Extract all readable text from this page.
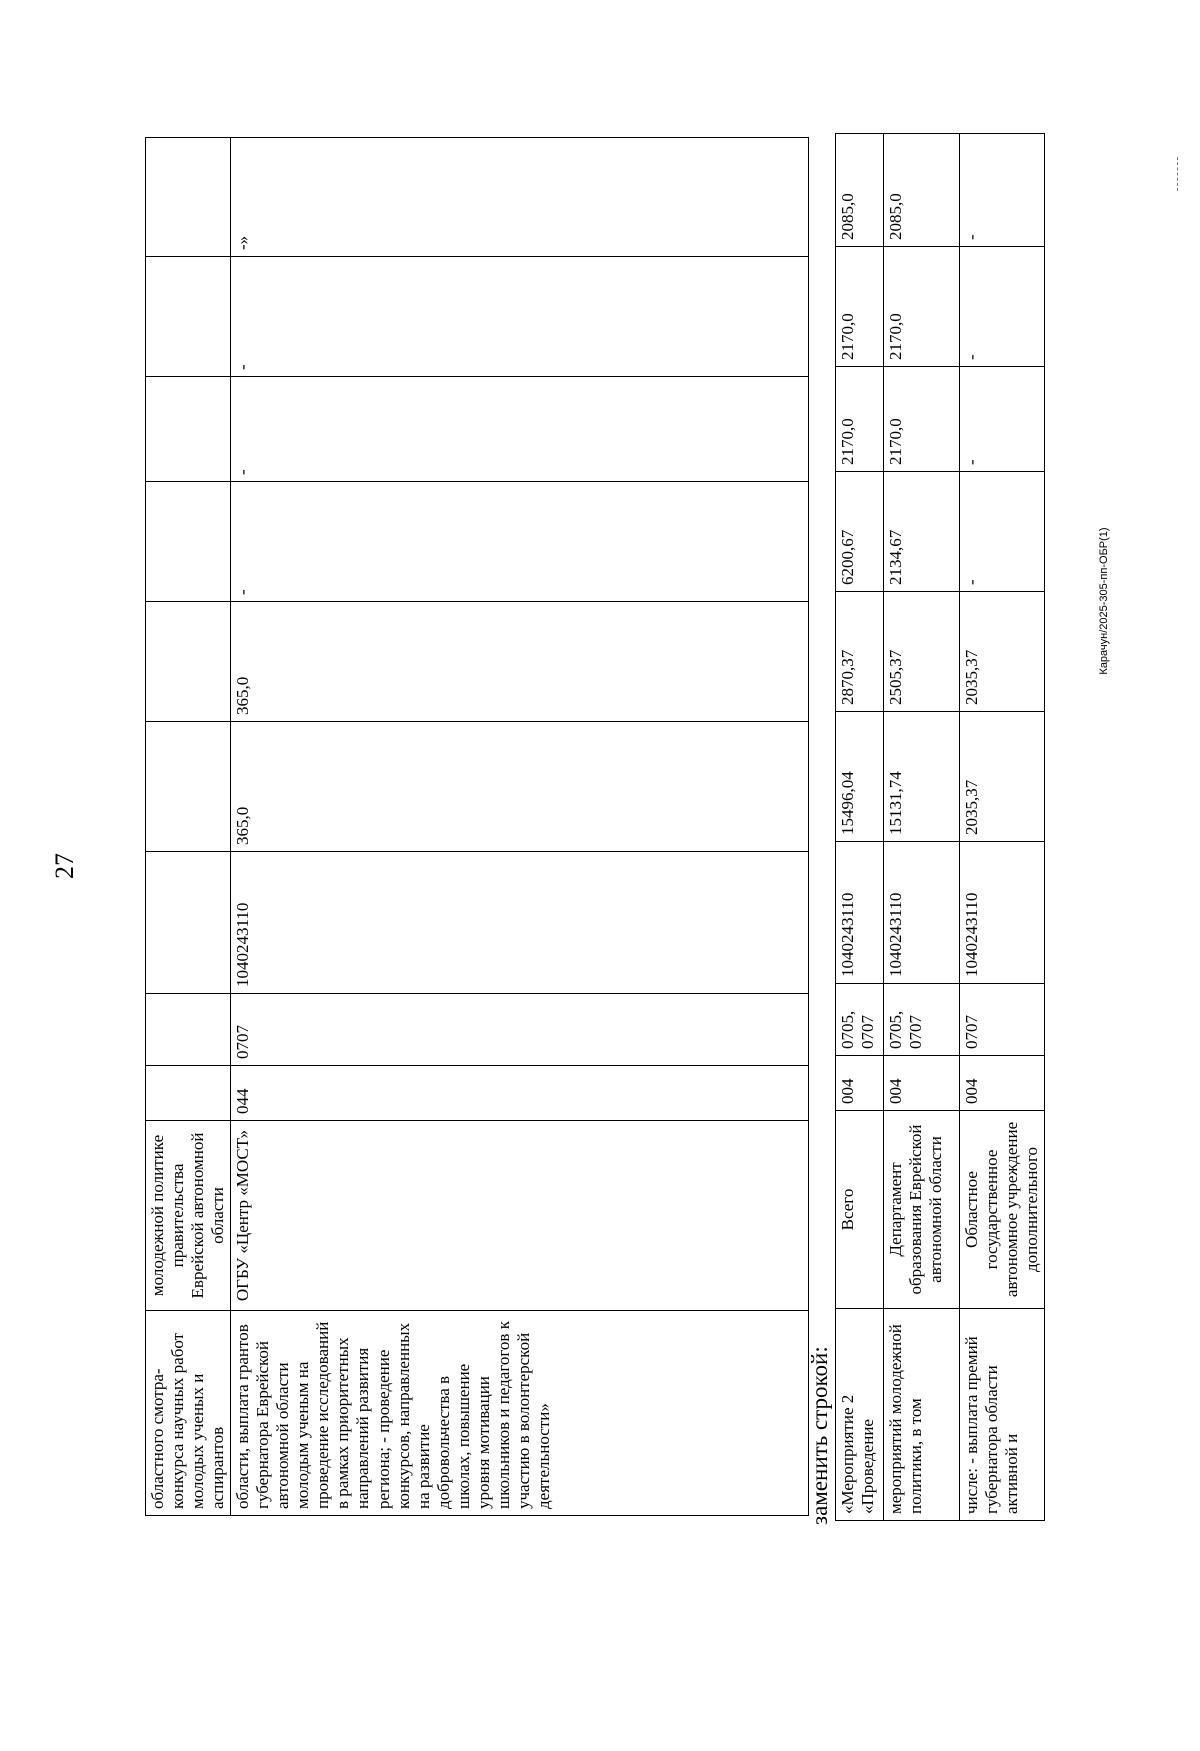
27
областного смотра-конкурса научных работ молодых ученых и аспирантов	молодежной политике правительства Еврейской автономной области									
области, выплата грантов губернатора Еврейской автономной области молодым ученым на проведение исследований в рамках приоритетных направлений развития региона; - проведение конкурсов, направленных на развитие добровольчества в школах, повышение уровня мотивации школьников и педагогов к участию в волонтерской деятельности»	ОГБУ «Центр «МОСТ»	044	0707	1040243110	365,0	365,0	-	-	-	-»
заменить строкой: «Мероприятие 2 «Проведение	Всего	004	0705, 0707	1040243110	15496,04	2870,37	6200,67	2170,0	2170,0	2085,0
мероприятий молодежной политики, в том	Департамент образования Еврейской автономной области	004	0705, 0707	1040243110	15131,74	2505,37	2134,67	2170,0	2170,0	2085,0
числе: - выплата премий губернатора области активной и	Областное государственное автономное учреждение дополнительного	004	0707	1040243110	2035,37	2035,37	-	-	-	-
Карачун/2025-305-пп-ОБР(1)
